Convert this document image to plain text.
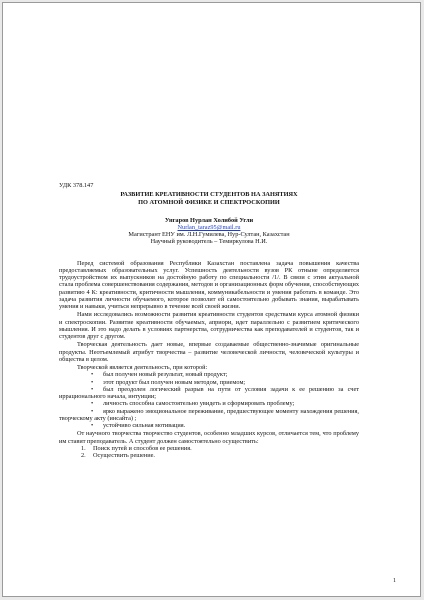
УДК 378.147
РАЗВИТИЕ КРЕАТИВНОСТИ СТУДЕНТОВ НА ЗАНЯТИЯХ
ПО АТОМНОЙ ФИЗИКЕ И СПЕКТРОСКОПИИ
Унгаров Нурлан Холибой Угли
Nurlan_taraz95@mail.ru
Магистрант ЕНУ им. Л.Н.Гумилева, Нур-Султан, Казахстан
Научный руководитель – Темиркулова Н.И.

Перед системой образования Республики Казахстан поставлена задача повышения качества предоставляемых образовательных услуг. Успешность деятельности вузов РК отныне определяется трудоустройством их выпускников на достойную работу по специальности /1/. В связи с этим актуальной стала проблема совершенствования содержания, методов и организационных форм обучения, способствующих развитию 4 К: креативности, критичности мышления, коммуникабельности и умения работать в команде. Это задача развития личности обучаемого, которое позволит ей самостоятельно добывать знания, вырабатывать умения и навыки, учиться непрерывно в течение всей своей жизни.

Нами исследовались возможности развития креативности студентов средствами курса атомной физики и спектроскопии. Развитие креативности обучаемых, априори, идет параллельно с развитием критического мышления. И это надо делать в условиях партнерства, сотрудничества как преподавателей и студентов, так и студентов друг с другом.

Творческая деятельность дает новые, впервые создаваемые общественно-значимые оригинальные продукты. Неотъемлемый атрибут творчества – развитие человеческой личности, человеческой культуры и общества в целом.

Творческой является деятельность, при которой:

• был получен новый результат, новый продукт;
• этот продукт был получен новым методом, приемом;
• был преодолен логический разрыв на пути от условия задачи к ее решению за счет иррационального начала, интуиции;
• личность способна самостоятельно увидеть и сформировать проблему;
• ярко выражено эмоциональное переживание, предшествующее моменту нахождения решения, творческому акту (инсайта) ;
• устойчиво сильная мотивация.

От научного творчества творчество студентов, особенно младших курсов, отличается тем, что проблему им ставит преподаватель. А студент должен самостоятельно осуществить:

1. Поиск путей и способов ее решения.
2. Осуществить решение.
1
